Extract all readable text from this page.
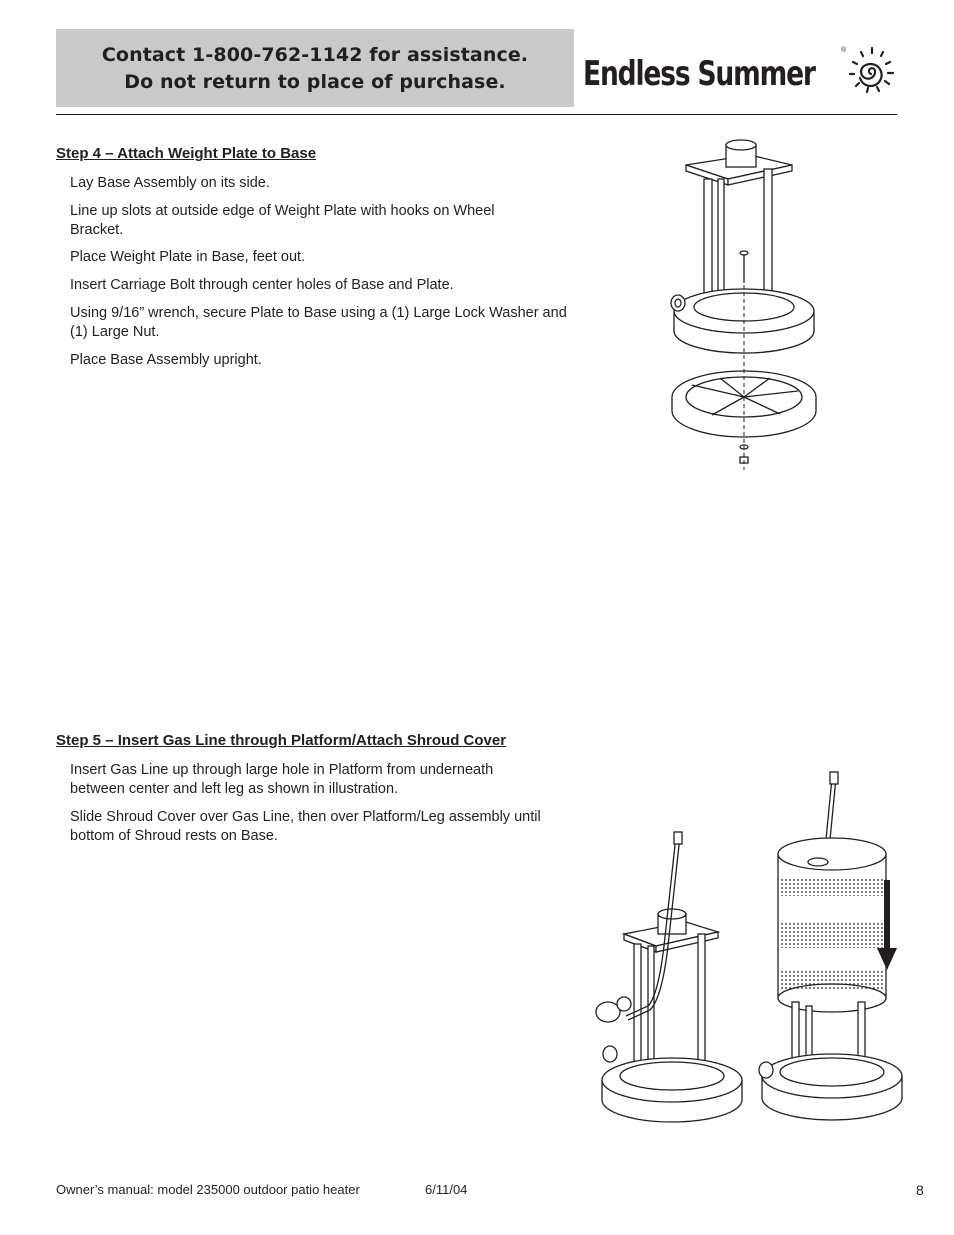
Contact 1-800-762-1142 for assistance.
Do not return to place of purchase.	Endless Summer
®
Step 4 – Attach Weight Plate to Base
Lay Base Assembly on its side.
Line up slots at outside edge of Weight Plate with hooks on Wheel Bracket.
Place Weight Plate in Base, feet out.
Insert Carriage Bolt through center holes of Base and Plate.
Using 9/16” wrench, secure Plate to Base using a (1) Large Lock Washer and (1) Large Nut.
Place Base Assembly upright.
Step 5 – Insert Gas Line through Platform/Attach Shroud Cover
Insert Gas Line up through large hole in Platform from underneath between center and left leg as shown in illustration.
Slide Shroud Cover over Gas Line, then over Platform/Leg assembly until bottom of Shroud rests on Base.
Owner’s manual: model 235000 outdoor patio heater	6/11/04	8
